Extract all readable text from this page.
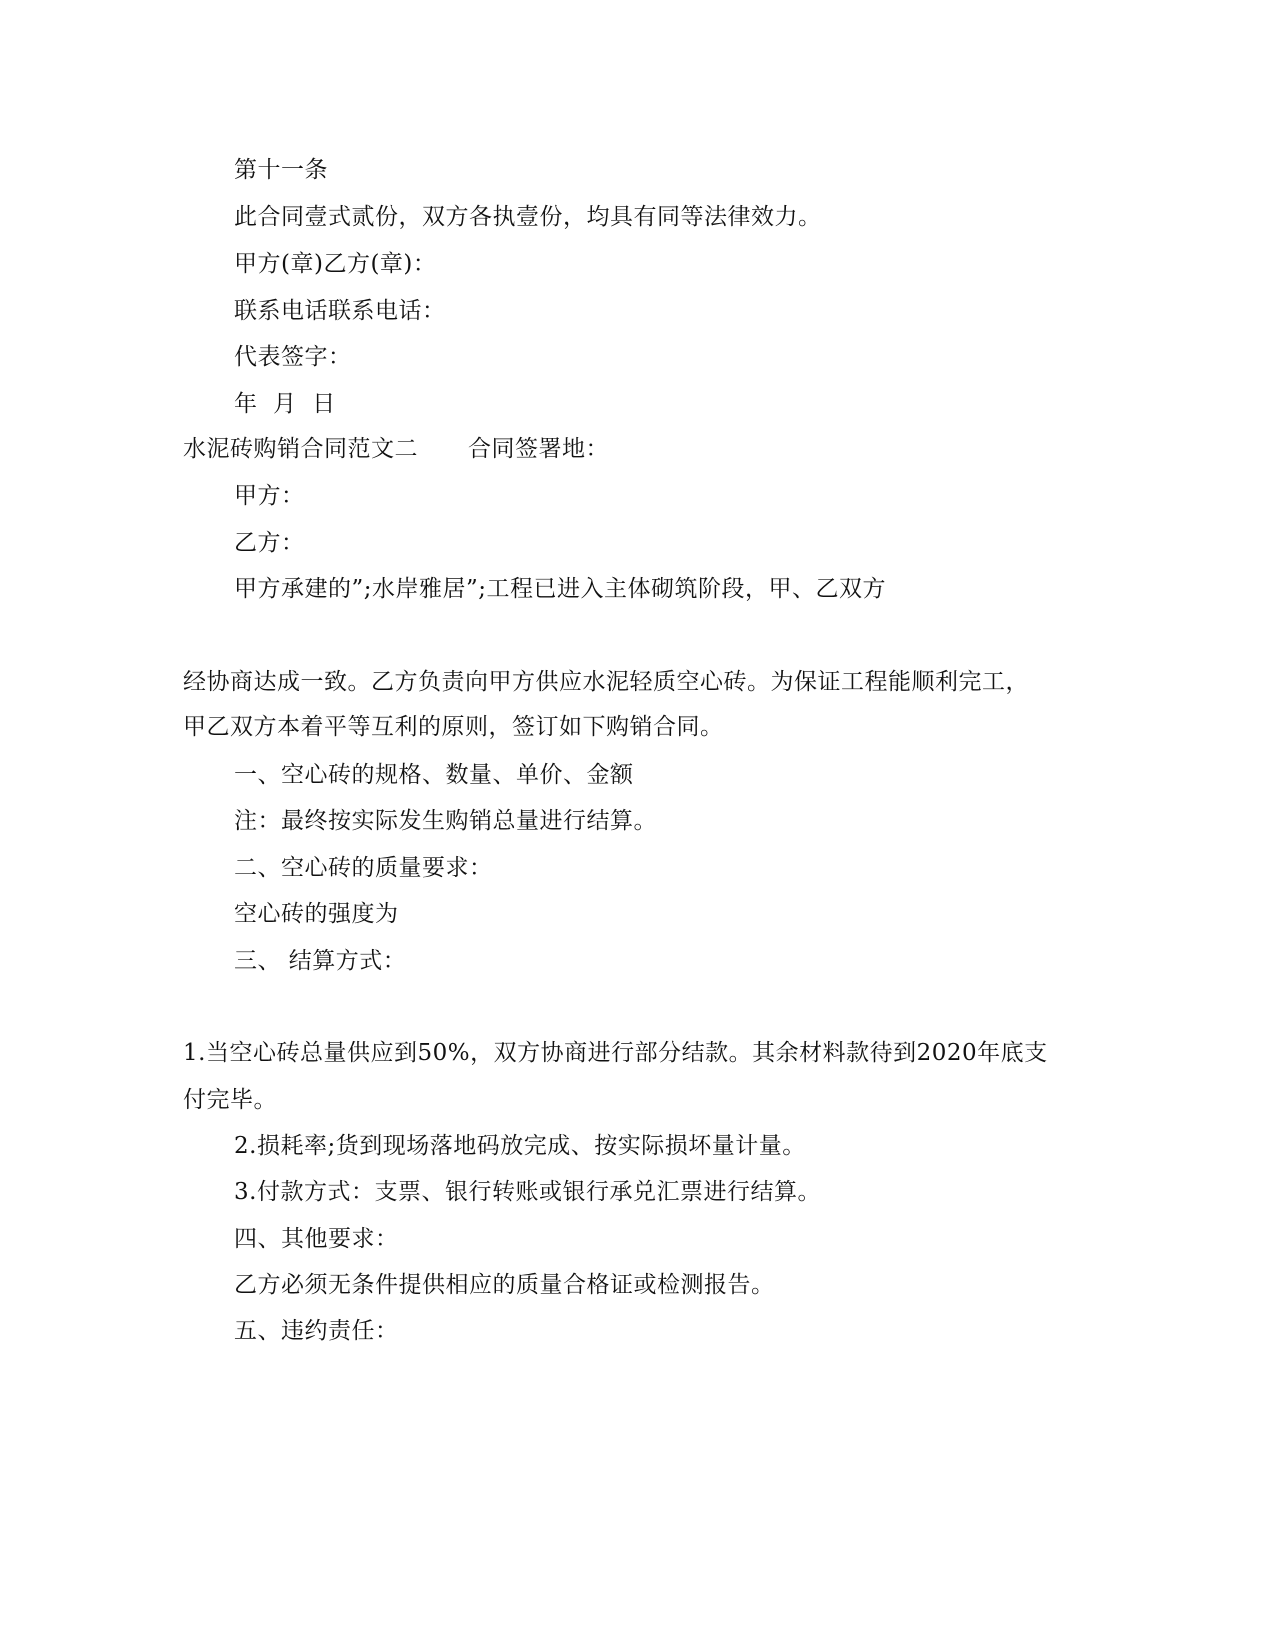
第十一条
此合同壹式贰份，双方各执壹份，均具有同等法律效力。
甲方(章)乙方(章)：
联系电话联系电话：
代表签字：
年  月  日
水泥砖购销合同范文二 合同签署地：
甲方：
乙方：
甲方承建的”;水岸雅居”;工程已进入主体砌筑阶段，甲、乙双方
经协商达成一致。乙方负责向甲方供应水泥轻质空心砖。为保证工程能顺利完工，
甲乙双方本着平等互利的原则，签订如下购销合同。
一、空心砖的规格、数量、单价、金额
注：最终按实际发生购销总量进行结算。
二、空心砖的质量要求：
空心砖的强度为
三、 结算方式：
1.当空心砖总量供应到50%，双方协商进行部分结款。其余材料款待到2020年底支
付完毕。
2.损耗率;货到现场落地码放完成、按实际损坏量计量。
3.付款方式：支票、银行转账或银行承兑汇票进行结算。
四、其他要求：
乙方必须无条件提供相应的质量合格证或检测报告。
五、违约责任：
